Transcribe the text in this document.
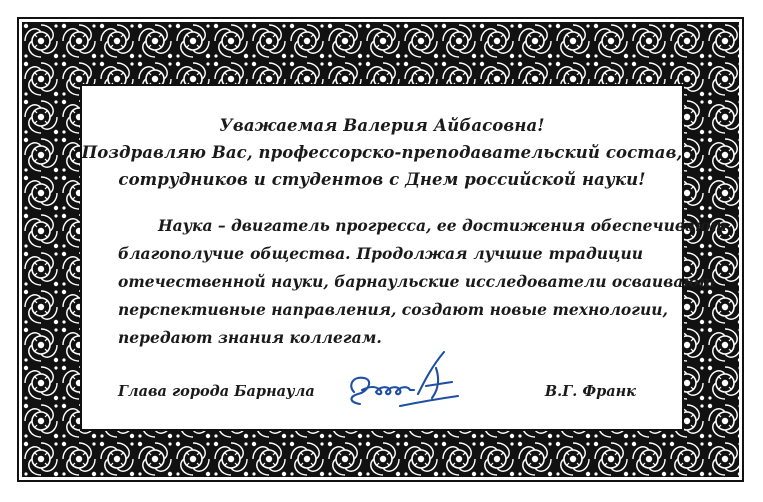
Уважаемая Валерия Айбасовна!
Поздравляю Вас, профессорско-преподавательский состав,
сотрудников и студентов с Днем российской науки!
Наука – двигатель прогресса, ее достижения обеспечивают
благополучие общества. Продолжая лучшие традиции
отечественной науки, барнаульские исследователи осваивают
перспективные направления, создают новые технологии,
передают знания коллегам.
Глава города Барнаула	В.Г. Франк
